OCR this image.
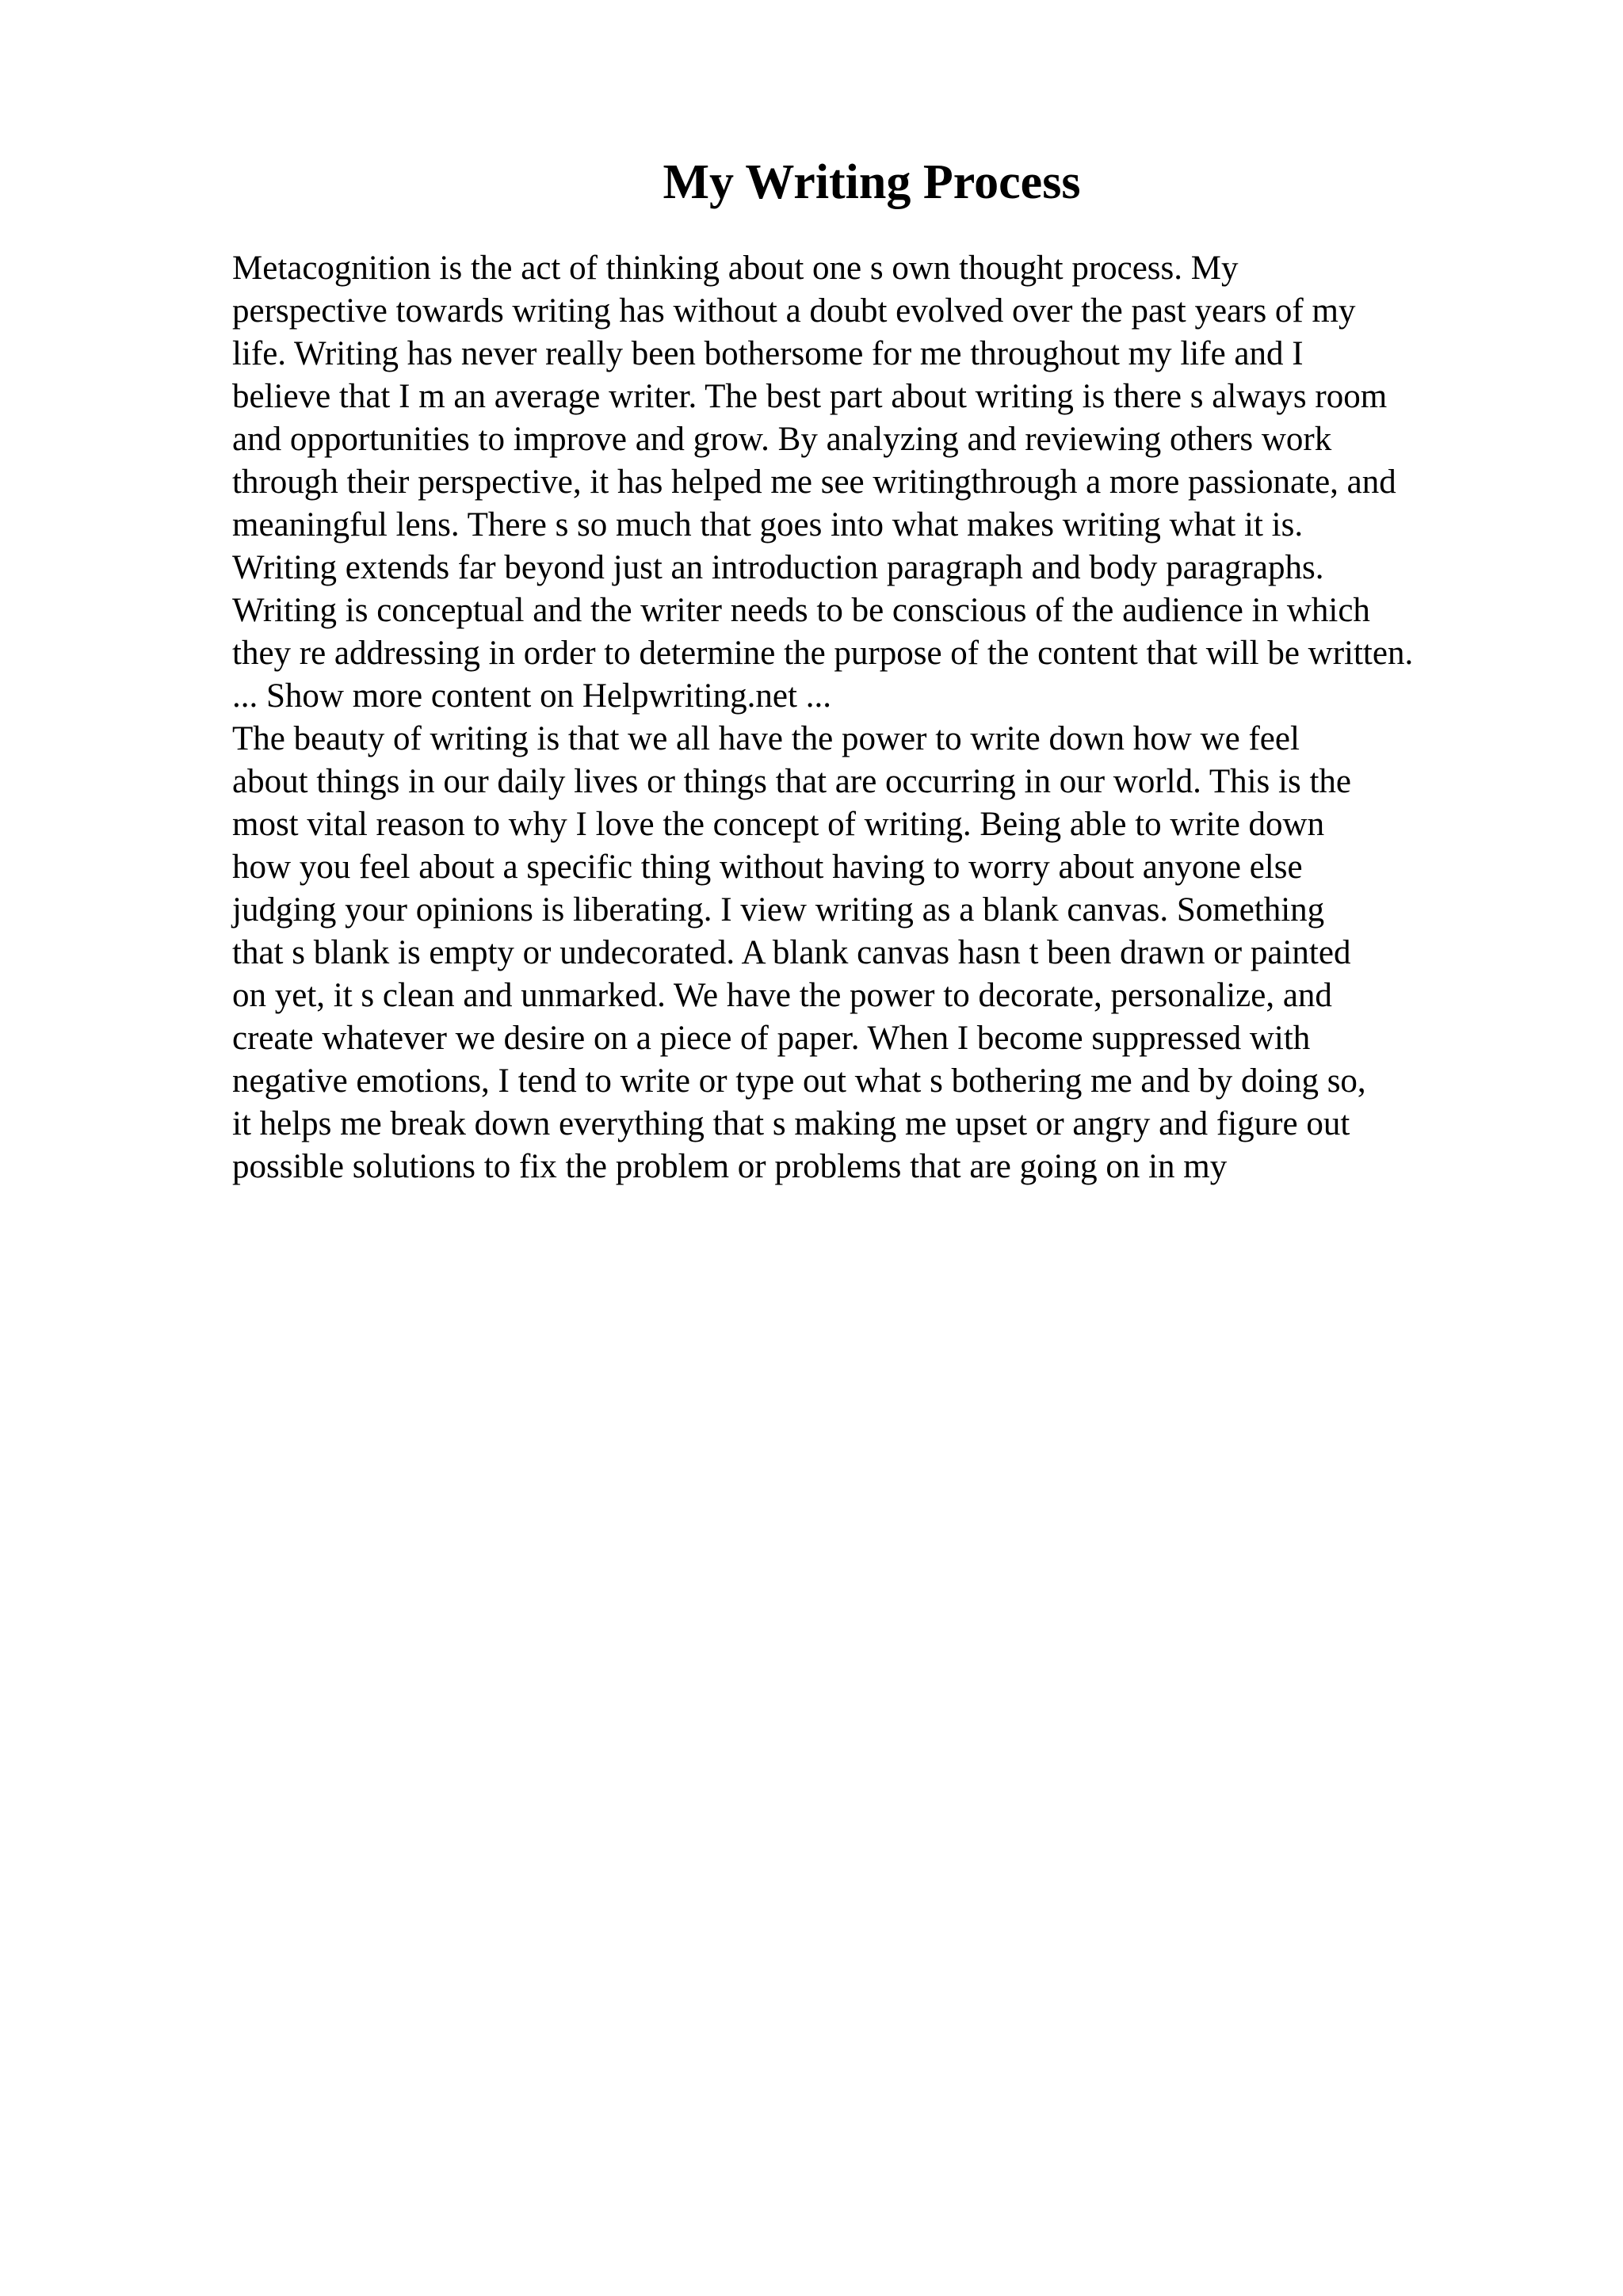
My Writing Process
Metacognition is the act of thinking about one s own thought process. My
perspective towards writing has without a doubt evolved over the past years of my
life. Writing has never really been bothersome for me throughout my life and I
believe that I m an average writer. The best part about writing is there s always room
and opportunities to improve and grow. By analyzing and reviewing others work
through their perspective, it has helped me see writingthrough a more passionate, and
meaningful lens. There s so much that goes into what makes writing what it is.
Writing extends far beyond just an introduction paragraph and body paragraphs.
Writing is conceptual and the writer needs to be conscious of the audience in which
they re addressing in order to determine the purpose of the content that will be written.
... Show more content on Helpwriting.net ...
The beauty of writing is that we all have the power to write down how we feel
about things in our daily lives or things that are occurring in our world. This is the
most vital reason to why I love the concept of writing. Being able to write down
how you feel about a specific thing without having to worry about anyone else
judging your opinions is liberating. I view writing as a blank canvas. Something
that s blank is empty or undecorated. A blank canvas hasn t been drawn or painted
on yet, it s clean and unmarked. We have the power to decorate, personalize, and
create whatever we desire on a piece of paper. When I become suppressed with
negative emotions, I tend to write or type out what s bothering me and by doing so,
it helps me break down everything that s making me upset or angry and figure out
possible solutions to fix the problem or problems that are going on in my
